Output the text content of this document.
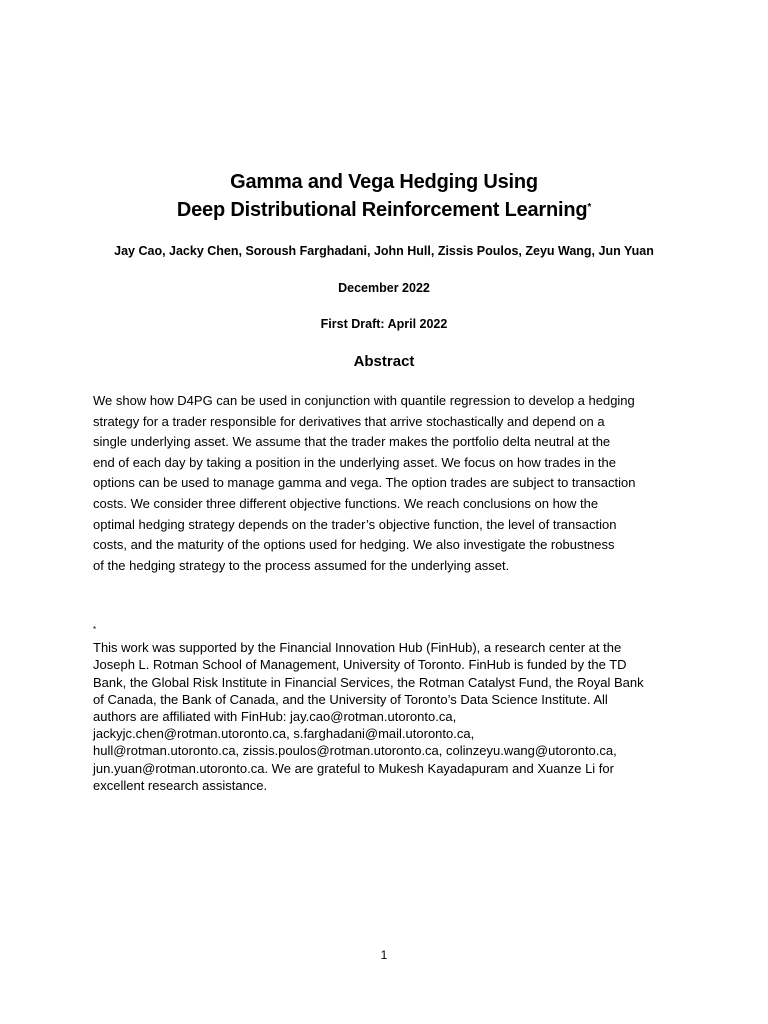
Gamma and Vega Hedging Using
Deep Distributional Reinforcement Learning*
Jay Cao, Jacky Chen, Soroush Farghadani, John Hull, Zissis Poulos, Zeyu Wang, Jun Yuan
December 2022
First Draft: April 2022
Abstract
We show how D4PG can be used in conjunction with quantile regression to develop a hedging
strategy for a trader responsible for derivatives that arrive stochastically and depend on a
single underlying asset. We assume that the trader makes the portfolio delta neutral at the
end of each day by taking a position in the underlying asset. We focus on how trades in the
options can be used to manage gamma and vega. The option trades are subject to transaction
costs. We consider three different objective functions. We reach conclusions on how the
optimal hedging strategy depends on the trader’s objective function, the level of transaction
costs, and the maturity of the options used for hedging. We also investigate the robustness
of the hedging strategy to the process assumed for the underlying asset.
*
This work was supported by the Financial Innovation Hub (FinHub), a research center at the
Joseph L. Rotman School of Management, University of Toronto. FinHub is funded by the TD
Bank, the Global Risk Institute in Financial Services, the Rotman Catalyst Fund, the Royal Bank
of Canada, the Bank of Canada, and the University of Toronto’s Data Science Institute. All
authors are affiliated with FinHub: jay.cao@rotman.utoronto.ca,
jackyjc.chen@rotman.utoronto.ca, s.farghadani@mail.utoronto.ca,
hull@rotman.utoronto.ca, zissis.poulos@rotman.utoronto.ca, colinzeyu.wang@utoronto.ca,
jun.yuan@rotman.utoronto.ca. We are grateful to Mukesh Kayadapuram and Xuanze Li for
excellent research assistance.
1
